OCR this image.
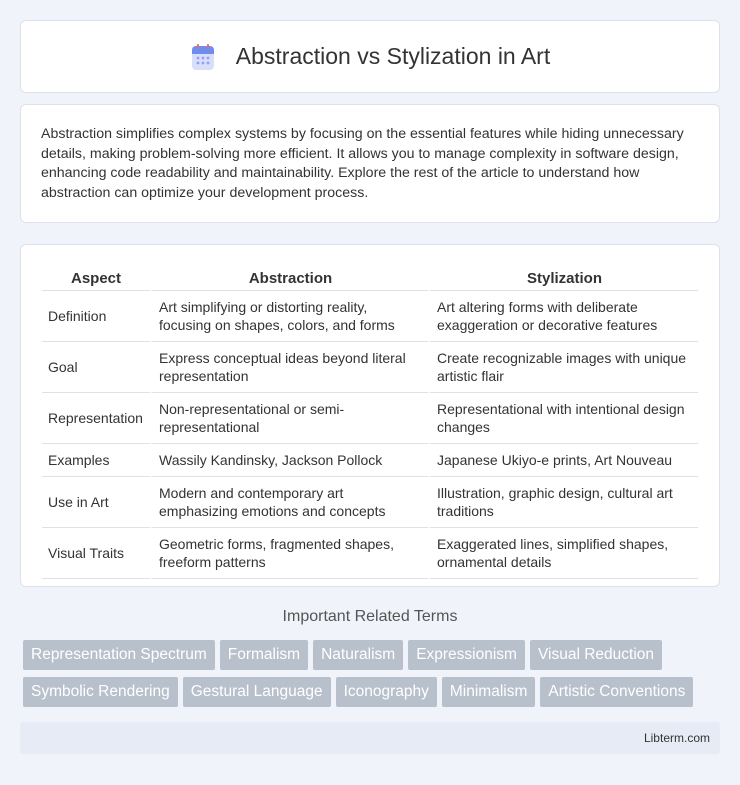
Abstraction vs Stylization in Art

Abstraction simplifies complex systems by focusing on the essential features while hiding unnecessary details, making problem-solving more efficient. It allows you to manage complexity in software design, enhancing code readability and maintainability. Explore the rest of the article to understand how abstraction can optimize your development process.

Aspect	Abstraction	Stylization
Definition	Art simplifying or distorting reality, focusing on shapes, colors, and forms	Art altering forms with deliberate exaggeration or decorative features
Goal	Express conceptual ideas beyond literal representation	Create recognizable images with unique artistic flair
Representation	Non-representational or semi-representational	Representational with intentional design changes
Examples	Wassily Kandinsky, Jackson Pollock	Japanese Ukiyo-e prints, Art Nouveau
Use in Art	Modern and contemporary art emphasizing emotions and concepts	Illustration, graphic design, cultural art traditions
Visual Traits	Geometric forms, fragmented shapes, freeform patterns	Exaggerated lines, simplified shapes, ornamental details
Important Related Terms
Representation Spectrum Formalism Naturalism Expressionism Visual ReductionSymbolic Rendering Gestural Language Iconography Minimalism Artistic Conventions
Libterm.com
